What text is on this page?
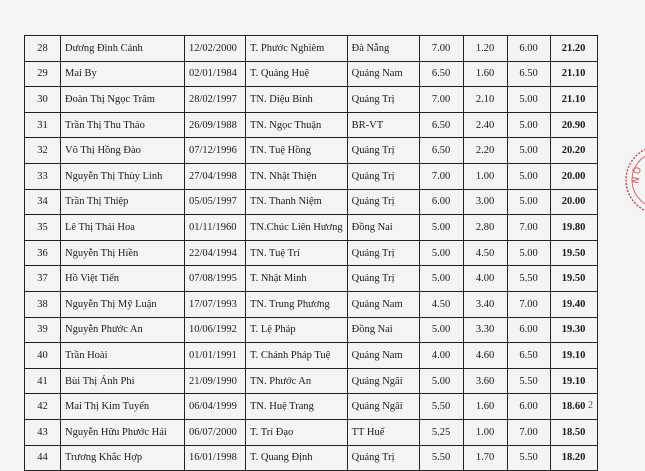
28	Dương Đình Cảnh	12/02/2000	T. Phước Nghiêm	Đà Nẵng	7.00	1.20	6.00	21.20
29	Mai By	02/01/1984	T. Quảng Huệ	Quảng Nam	6.50	1.60	6.50	21.10
30	Đoàn Thị Ngọc Trâm	28/02/1997	TN. Diệu Bình	Quảng Trị	7.00	2.10	5.00	21.10
31	Trần Thị Thu Thảo	26/09/1988	TN. Ngọc Thuận	BR-VT	6.50	2.40	5.00	20.90
32	Võ Thị Hồng Đào	07/12/1996	TN. Tuệ Hồng	Quảng Trị	6.50	2.20	5.00	20.20
33	Nguyễn Thị Thùy Linh	27/04/1998	TN. Nhật Thiện	Quảng Trị	7.00	1.00	5.00	20.00
34	Trần Thị Thiệp	05/05/1997	TN. Thanh Niệm	Quảng Trị	6.00	3.00	5.00	20.00
35	Lê Thị Thái Hoa	01/11/1960	TN.Chúc Liên Hương	Đồng Nai	5.00	2.80	7.00	19.80
36	Nguyễn Thị Hiền	22/04/1994	TN. Tuệ Trí	Quảng Trị	5.00	4.50	5.00	19.50
37	Hồ Việt Tiến	07/08/1995	T. Nhật Minh	Quảng Trị	5.00	4.00	5.50	19.50
38	Nguyễn Thị Mỹ Luận	17/07/1993	TN. Trung Phương	Quảng Nam	4.50	3.40	7.00	19.40
39	Nguyễn Phước An	10/06/1992	T. Lệ Pháp	Đồng Nai	5.00	3.30	6.00	19.30
40	Trần Hoài	01/01/1991	T. Chánh Pháp Tuệ	Quảng Nam	4.00	4.60	6.50	19.10
41	Bùi Thị Ánh Phi	21/09/1990	TN. Phước An	Quảng Ngãi	5.00	3.60	5.50	19.10
42	Mai Thị Kim Tuyến	06/04/1999	TN. Huệ Trang	Quảng Ngãi	5.50	1.60	6.00	18.60
43	Nguyễn Hữu Phước Hải	06/07/2000	T. Trí Đạo	TT Huế	5.25	1.00	7.00	18.50
44	Trương Khắc Hợp	16/01/1998	T. Quang Định	Quảng Trị	5.50	1.70	5.50	18.20
N Ô
2
